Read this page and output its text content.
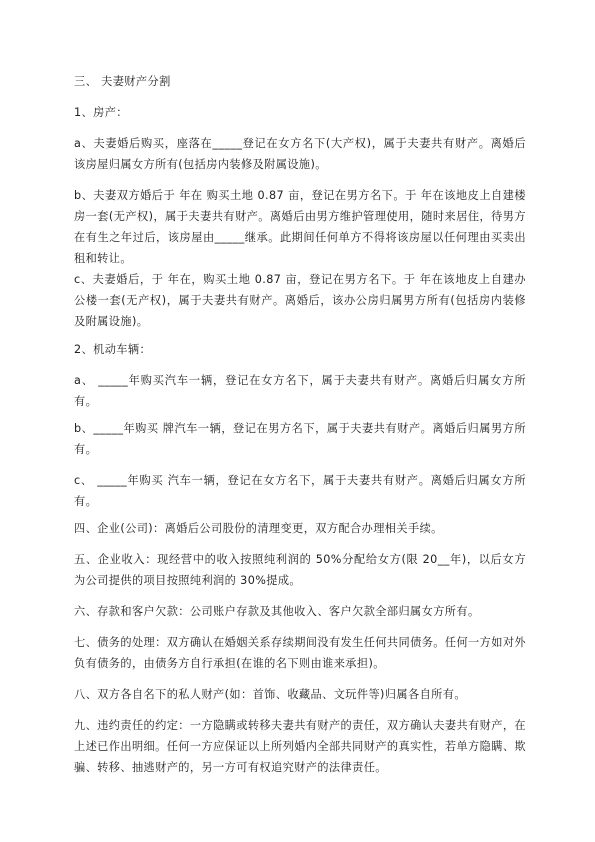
三、 夫妻财产分割

1、房产：

a、夫妻婚后购买，座落在_____登记在女方名下(大产权)，属于夫妻共有财产。离婚后该房屋归属女方所有(包括房内装修及附属设施)。

b、夫妻双方婚后于 年在 购买土地 0.87 亩，登记在男方名下。于 年在该地皮上自建楼房一套(无产权)，属于夫妻共有财产。离婚后由男方维护管理使用，随时来居住，待男方在有生之年过后，该房屋由_____继承。此期间任何单方不得将该房屋以任何理由买卖出租和转让。

c、夫妻婚后，于 年在，购买土地 0.87 亩，登记在男方名下。于 年在该地皮上自建办公楼一套(无产权)，属于夫妻共有财产。离婚后，该办公房归属男方所有(包括房内装修及附属设施)。

2、机动车辆：

a、 _____年购买汽车一辆，登记在女方名下，属于夫妻共有财产。离婚后归属女方所有。

b、_____年购买 牌汽车一辆，登记在男方名下，属于夫妻共有财产。离婚后归属男方所有。

c、 _____年购买 汽车一辆，登记在女方名下，属于夫妻共有财产。离婚后归属女方所有。

四、企业(公司)：离婚后公司股份的清理变更，双方配合办理相关手续。

五、企业收入：现经营中的收入按照纯利润的 50%分配给女方(限 20__年)，以后女方为公司提供的项目按照纯利润的 30%提成。

六、存款和客户欠款：公司账户存款及其他收入、客户欠款全部归属女方所有。

七、债务的处理：双方确认在婚姻关系存续期间没有发生任何共同债务。任何一方如对外负有债务的，由债务方自行承担(在谁的名下则由谁来承担)。

八、双方各自名下的私人财产(如：首饰、收藏品、文玩件等)归属各自所有。

九、违约责任的约定：一方隐瞒或转移夫妻共有财产的责任，双方确认夫妻共有财产，在上述已作出明细。任何一方应保证以上所列婚内全部共同财产的真实性，若单方隐瞒、欺骗、转移、抽逃财产的，另一方可有权追究财产的法律责任。
